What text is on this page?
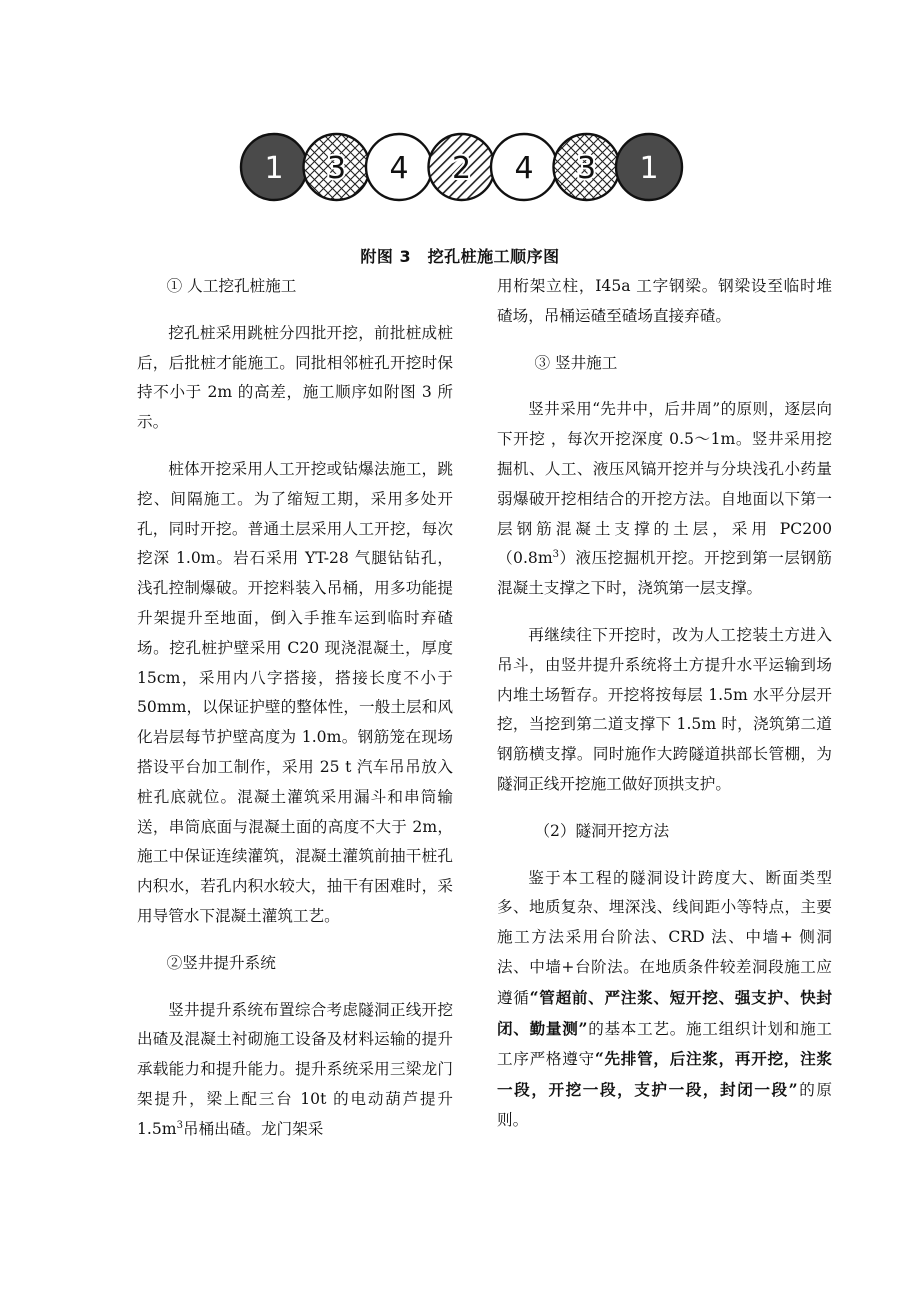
1 3 4 2 4 3 1
附图 3　挖孔桩施工顺序图

① 人工挖孔桩施工

挖孔桩采用跳桩分四批开挖，前批桩成桩后，后批桩才能施工。同批相邻桩孔开挖时保持不小于 2m 的高差，施工顺序如附图 3 所示。

桩体开挖采用人工开挖或钻爆法施工，跳挖、间隔施工。为了缩短工期，采用多处开孔，同时开挖。普通土层采用人工开挖，每次挖深 1.0m。岩石采用 YT-28 气腿钻钻孔，浅孔控制爆破。开挖料装入吊桶，用多功能提升架提升至地面，倒入手推车运到临时弃碴场。挖孔桩护壁采用 C20 现浇混凝土，厚度 15cm，采用内八字搭接，搭接长度不小于 50mm，以保证护壁的整体性，一般土层和风化岩层每节护壁高度为 1.0m。钢筋笼在现场搭设平台加工制作，采用 25 t 汽车吊吊放入桩孔底就位。混凝土灌筑采用漏斗和串筒输送，串筒底面与混凝土面的高度不大于 2m，施工中保证连续灌筑，混凝土灌筑前抽干桩孔内积水，若孔内积水较大，抽干有困难时，采用导管水下混凝土灌筑工艺。

②竖井提升系统

竖井提升系统布置综合考虑隧洞正线开挖出碴及混凝土衬砌施工设备及材料运输的提升承载能力和提升能力。提升系统采用三梁龙门架提升，梁上配三台 10t 的电动葫芦提升 $1.5m^3$吊桶出碴。龙门架采

用桁架立柱，I45a 工字钢梁。钢梁设至临时堆碴场，吊桶运碴至碴场直接弃碴。

③ 竖井施工

竖井采用“先井中，后井周”的原则，逐层向下开挖 ，每次开挖深度 0.5～1m。竖井采用挖掘机、人工、液压风镐开挖并与分块浅孔小药量弱爆破开挖相结合的开挖方法。自地面以下第一层钢筋混凝土支撑的土层，采用 $PC200(0.8m^3)$液压挖掘机开挖。开挖到第一层钢筋混凝土支撑之下时，浇筑第一层支撑。

再继续往下开挖时，改为人工挖装土方进入吊斗，由竖井提升系统将土方提升水平运输到场内堆土场暂存。开挖将按每层 1.5m 水平分层开挖，当挖到第二道支撑下 1.5m 时，浇筑第二道钢筋横支撑。同时施作大跨隧道拱部长管棚，为隧洞正线开挖施工做好顶拱支护。

（2）隧洞开挖方法

鉴于本工程的隧洞设计跨度大、断面类型多、地质复杂、埋深浅、线间距小等特点，主要施工方法采用台阶法、CRD 法、中墙+ 侧洞法、中墙+台阶法。在地质条件较差洞段施工应遵循“管超前、严注浆、短开挖、强支护、快封闭、勤量测”的基本工艺。施工组织计划和施工工序严格遵守“先排管，后注浆，再开挖，注浆一段，开挖一段，支护一段，封闭一段”的原则。
